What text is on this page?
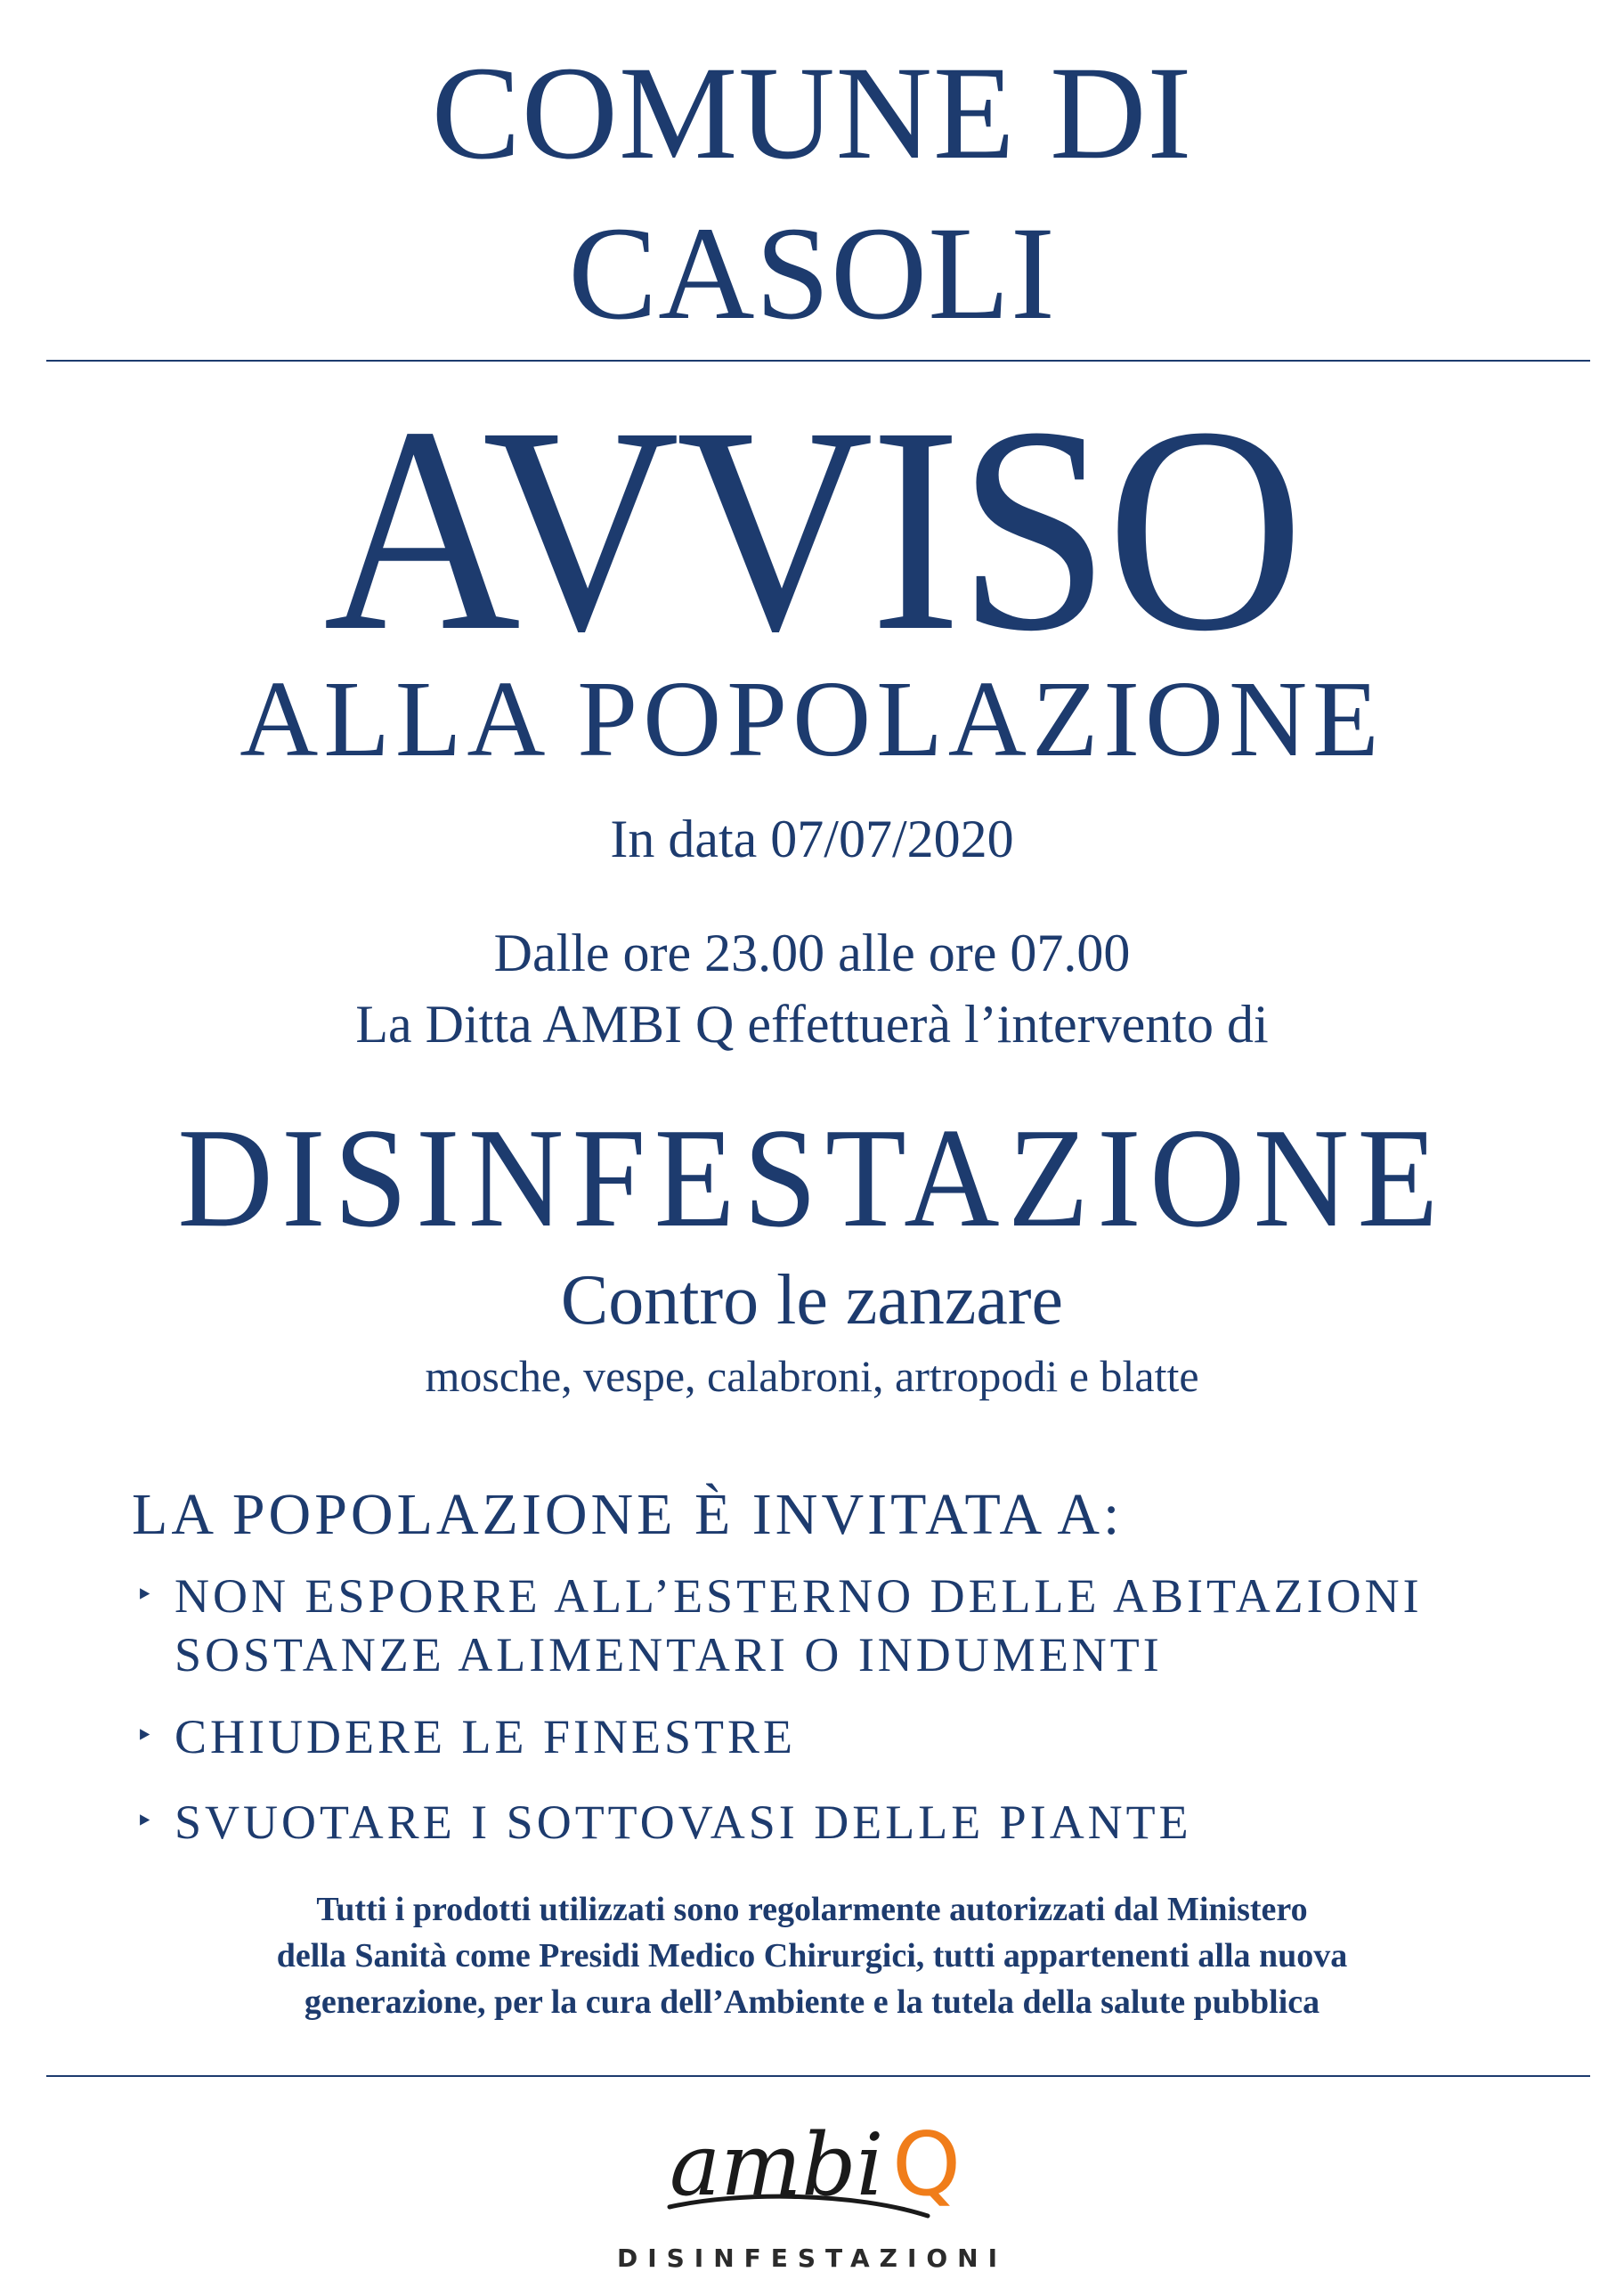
COMUNE DI
CASOLI
AVVISO
ALLA POPOLAZIONE
In data 07/07/2020
Dalle ore 23.00 alle ore 07.00
La Ditta AMBI Q effettuerà l’intervento di
DISINFESTAZIONE
Contro le zanzare
mosche, vespe, calabroni, artropodi e blatte
LA POPOLAZIONE È INVITATA A:
‣ NON ESPORRE ALL’ESTERNO DELLE ABITAZIONI
SOSTANZE ALIMENTARI O INDUMENTI
‣ CHIUDERE LE FINESTRE
‣ SVUOTARE I SOTTOVASI DELLE PIANTE
Tutti i prodotti utilizzati sono regolarmente autorizzati dal Ministero
della Sanità come Presidi Medico Chirurgici, tutti appartenenti alla nuova
generazione, per la cura dell’Ambiente e la tutela della salute pubblica
ambi Q
DISINFESTAZIONI
